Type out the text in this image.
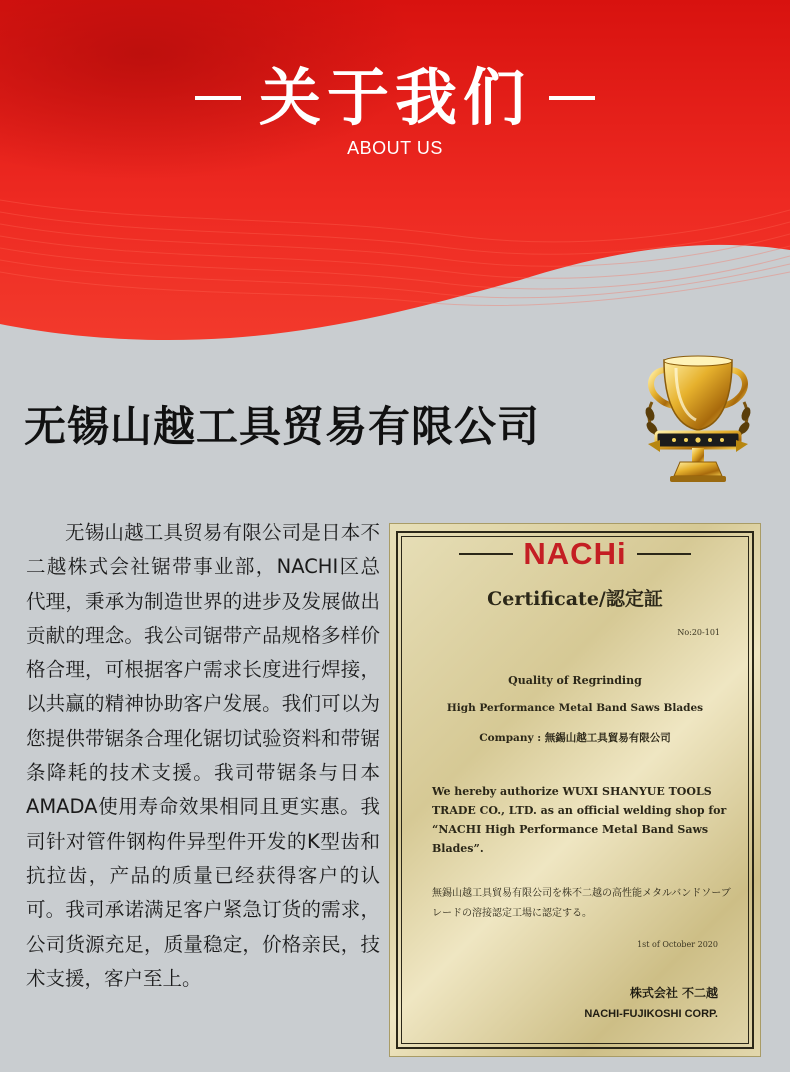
关于我们
ABOUT US
无锡山越工具贸易有限公司
无锡山越工具贸易有限公司是日本不二越株式会社锯带事业部，NACHI区总代理，秉承为制造世界的进步及发展做出贡献的理念。我公司锯带产品规格多样价格合理，可根据客户需求长度进行焊接，以共赢的精神协助客户发展。我们可以为您提供带锯条合理化锯切试验资料和带锯条降耗的技术支援。我司带锯条与日本AMADA使用寿命效果相同且更实惠。我司针对管件钢构件异型件开发的K型齿和抗拉齿，产品的质量已经获得客户的认可。我司承诺满足客户紧急订货的需求，公司货源充足，质量稳定，价格亲民，技术支援，客户至上。
NACHi
Certificate/認定証
No:20-101
Quality of Regrinding
High Performance Metal Band Saws Blades
Company : 無錫山越工具貿易有限公司
We hereby authorize WUXI SHANYUE TOOLS TRADE CO., LTD. as an official welding shop for “NACHI High Performance Metal Band Saws Blades”.
無錫山越工具貿易有限公司を株不二越の高性能メタルバンドソーブレードの溶接認定工場に認定する。
1st of October 2020
株式会社 不二越
NACHI-FUJIKOSHI CORP.
